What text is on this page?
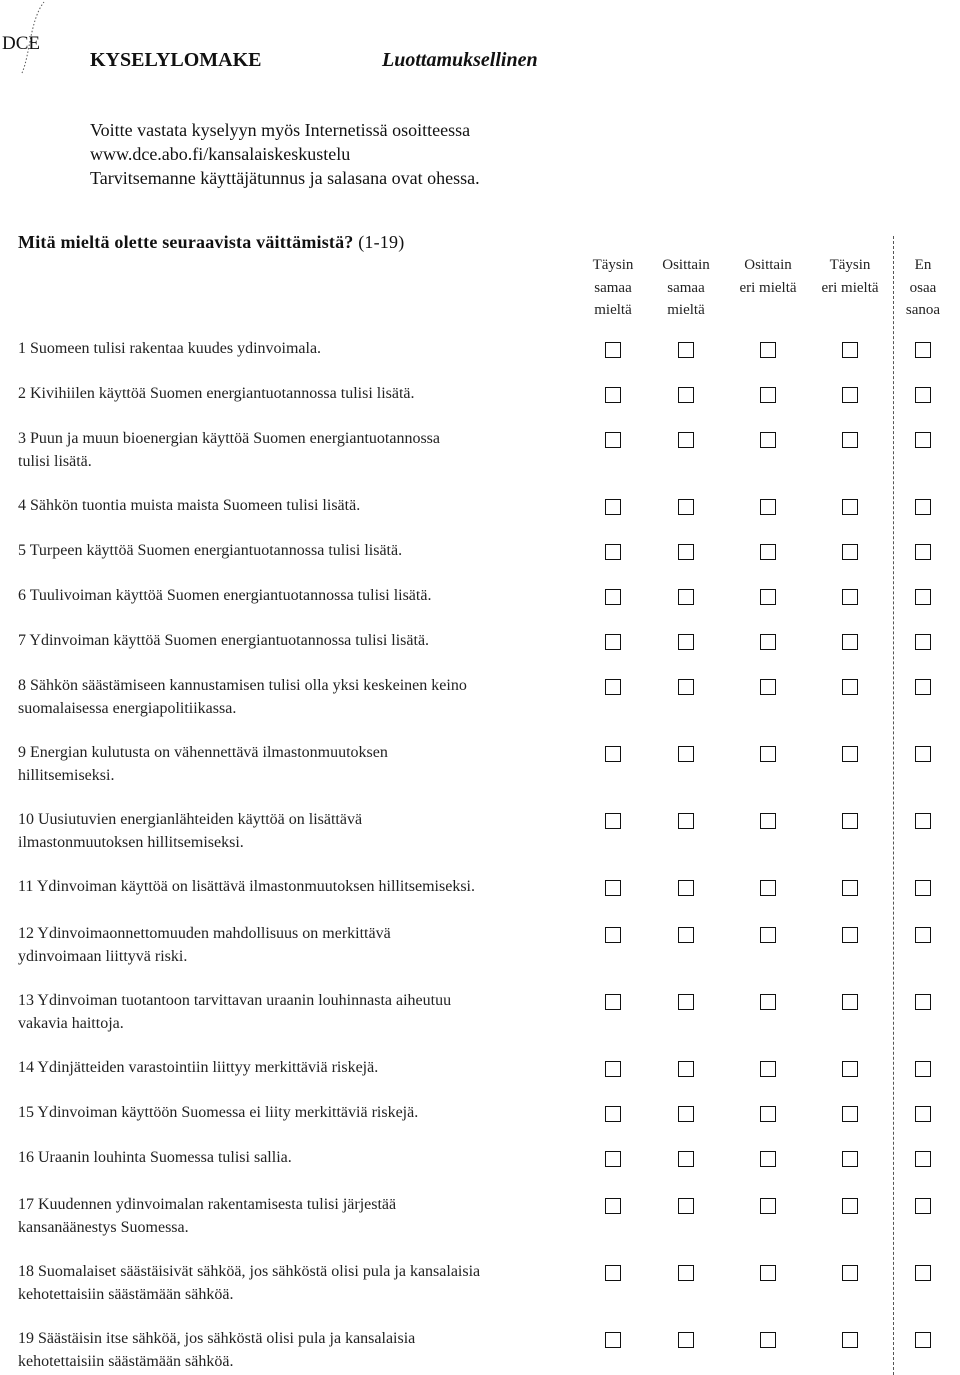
DCE
KYSELYLOMAKE	Luottamuksellinen
Voitte vastata kyselyyn myös Internetissä osoitteessa
www.dce.abo.fi/kansalaiskeskustelu
Tarvitsemanne käyttäjätunnus ja salasana ovat ohessa.
Mitä mieltä olette seuraavista väittämistä? (1-19)
Täysin
samaa
mieltä
Osittain
samaa
mieltä
Osittain
eri mieltä
Täysin
eri mieltä
En
osaa
sanoa
1 Suomeen tulisi rakentaa kuudes ydinvoimala.
2 Kivihiilen käyttöä Suomen energiantuotannossa tulisi lisätä.
3 Puun ja muun bioenergian käyttöä Suomen energiantuotannossa
tulisi lisätä.
4 Sähkön tuontia muista maista Suomeen tulisi lisätä.
5 Turpeen käyttöä Suomen energiantuotannossa tulisi lisätä.
6 Tuulivoiman käyttöä Suomen energiantuotannossa tulisi lisätä.
7 Ydinvoiman käyttöä Suomen energiantuotannossa tulisi lisätä.
8 Sähkön säästämiseen kannustamisen tulisi olla yksi keskeinen keino
suomalaisessa energiapolitiikassa.
9 Energian kulutusta on vähennettävä ilmastonmuutoksen
hillitsemiseksi.
10 Uusiutuvien energianlähteiden käyttöä on lisättävä
ilmastonmuutoksen hillitsemiseksi.
11 Ydinvoiman käyttöä on lisättävä ilmastonmuutoksen hillitsemiseksi.
12 Ydinvoimaonnettomuuden mahdollisuus on merkittävä
ydinvoimaan liittyvä riski.
13 Ydinvoiman tuotantoon tarvittavan uraanin louhinnasta aiheutuu
vakavia haittoja.
14 Ydinjätteiden varastointiin liittyy merkittäviä riskejä.
15 Ydinvoiman käyttöön Suomessa ei liity merkittäviä riskejä.
16 Uraanin louhinta Suomessa tulisi sallia.
17 Kuudennen ydinvoimalan rakentamisesta tulisi järjestää
kansanäänestys Suomessa.
18 Suomalaiset säästäisivät sähköä, jos sähköstä olisi pula ja kansalaisia
kehotettaisiin säästämään sähköä.
19 Säästäisin itse sähköä, jos sähköstä olisi pula ja kansalaisia
kehotettaisiin säästämään sähköä.
